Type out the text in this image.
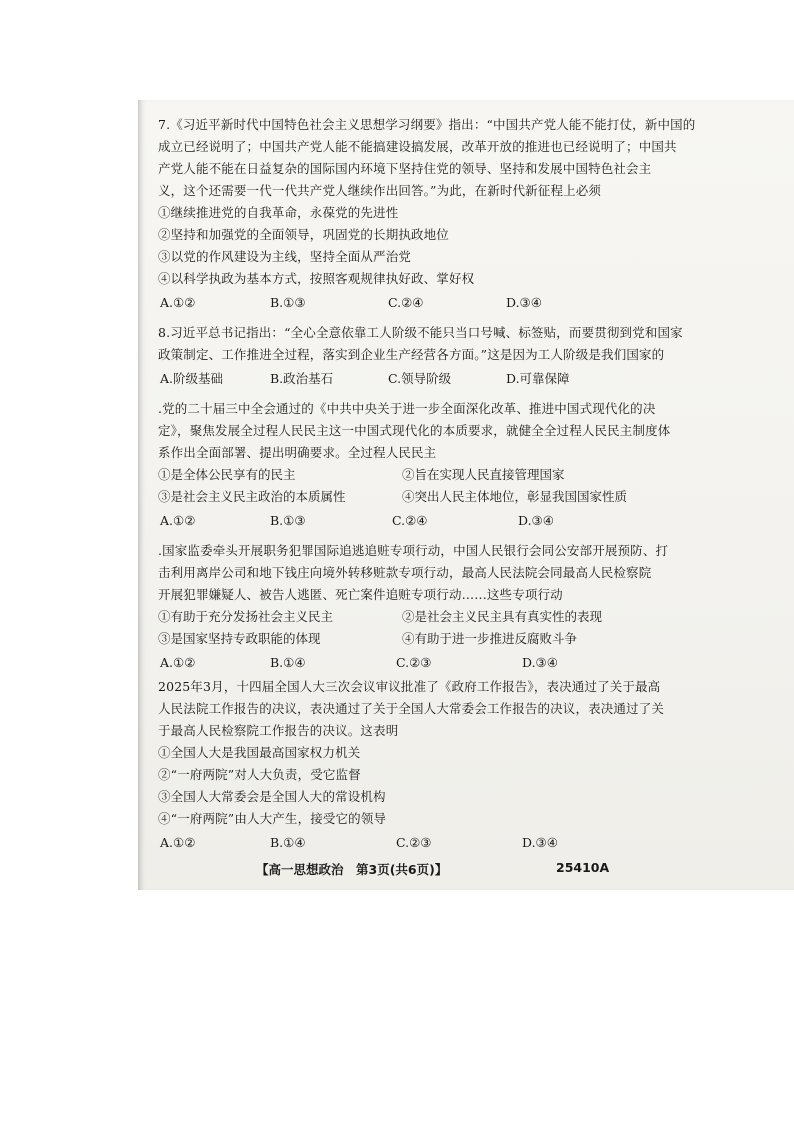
7.《习近平新时代中国特色社会主义思想学习纲要》指出：“中国共产党人能不能打仗，新中国的
成立已经说明了；中国共产党人能不能搞建设搞发展，改革开放的推进也已经说明了；中国共
产党人能不能在日益复杂的国际国内环境下坚持住党的领导、坚持和发展中国特色社会主
义，这个还需要一代一代共产党人继续作出回答。”为此，在新时代新征程上必须
①继续推进党的自我革命，永葆党的先进性
②坚持和加强党的全面领导，巩固党的长期执政地位
③以党的作风建设为主线，坚持全面从严治党
④以科学执政为基本方式，按照客观规律执好政、掌好权
A.①②	B.①③	C.②④	D.③④
8.习近平总书记指出：“全心全意依靠工人阶级不能只当口号喊、标签贴，而要贯彻到党和国家
政策制定、工作推进全过程，落实到企业生产经营各方面。”这是因为工人阶级是我们国家的
A.阶级基础	B.政治基石	C.领导阶级	D.可靠保障
.党的二十届三中全会通过的《中共中央关于进一步全面深化改革、推进中国式现代化的决
定》，聚焦发展全过程人民民主这一中国式现代化的本质要求，就健全全过程人民民主制度体
系作出全面部署、提出明确要求。全过程人民民主
①是全体公民享有的民主	②旨在实现人民直接管理国家
③是社会主义民主政治的本质属性	④突出人民主体地位，彰显我国国家性质
A.①②	B.①③	C.②④	D.③④
.国家监委牵头开展职务犯罪国际追逃追赃专项行动，中国人民银行会同公安部开展预防、打
击利用离岸公司和地下钱庄向境外转移赃款专项行动，最高人民法院会同最高人民检察院
开展犯罪嫌疑人、被告人逃匿、死亡案件追赃专项行动……这些专项行动
①有助于充分发扬社会主义民主	②是社会主义民主具有真实性的表现
③是国家坚持专政职能的体现	④有助于进一步推进反腐败斗争
A.①②	B.①④	C.②③	D.③④
2025年3月，十四届全国人大三次会议审议批准了《政府工作报告》，表决通过了关于最高
人民法院工作报告的决议，表决通过了关于全国人大常委会工作报告的决议，表决通过了关
于最高人民检察院工作报告的决议。这表明
①全国人大是我国最高国家权力机关
②“一府两院”对人大负责，受它监督
③全国人大常委会是全国人大的常设机构
④“一府两院”由人大产生，接受它的领导
A.①②	B.①④	C.②③	D.③④
【高一思想政治　第3页(共6页)】	25410A
